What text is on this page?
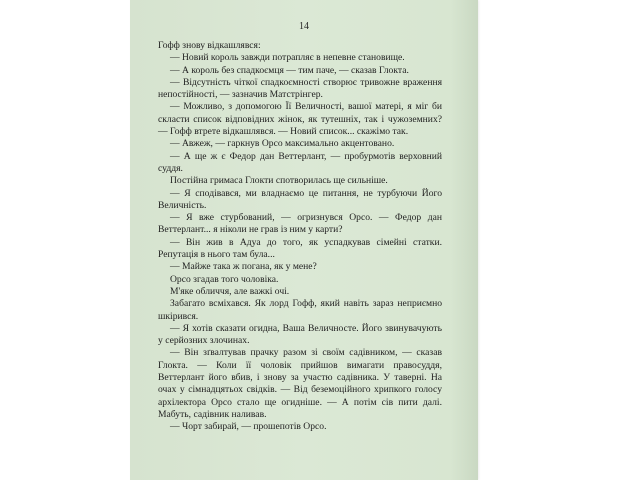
14

Гофф знову відкашлявся:

— Новий король завжди потрапляє в непевне становище.

— А король без спадкоємця — тим паче, — сказав Глокта.

— Відсутність чіткої спадкоємності створює тривожне враження непостійності, — зазначив Матстрінгер.

— Можливо, з допомогою Її Величності, вашої матері, я міг би скласти список відповідних жінок, як тутешніх, так і чужоземних? — Гофф втрете відкашлявся. — Новий список... скажімо так.

— Авжеж, — гаркнув Орсо максимально акцентовано.

— А ще ж є Федор дан Веттерлант, — пробурмотів верховний суддя.

Постійна гримаса Глокти спотворилась ще сильніше.

— Я сподівався, ми владнаємо це питання, не турбуючи Його Величність.

— Я вже стурбований, — огризнувся Орсо. — Федор дан Веттерлант... я ніколи не грав із ним у карти?

— Він жив в Адуа до того, як успадкував сімейні статки. Репутація в нього там була...

— Майже така ж погана, як у мене?

Орсо згадав того чоловіка.

М'яке обличчя, але важкі очі.

Забагато всміхався. Як лорд Гофф, який навіть зараз неприємно шкірився.

— Я хотів сказати огидна, Ваша Величносте. Його звинувачують у серйозних злочинах.

— Він зґвалтував прачку разом зі своїм садівником, — сказав Глокта. — Коли її чоловік прийшов вимагати правосуддя, Веттерлант його вбив, і знову за участю садівника. У таверні. На очах у сімнадцятьох свідків. — Від беземоційного хрипкого голосу архілектора Орсо стало ще огидніше. — А потім сів пити далі. Мабуть, садівник наливав.

— Чорт забирай, — прошепотів Орсо.
